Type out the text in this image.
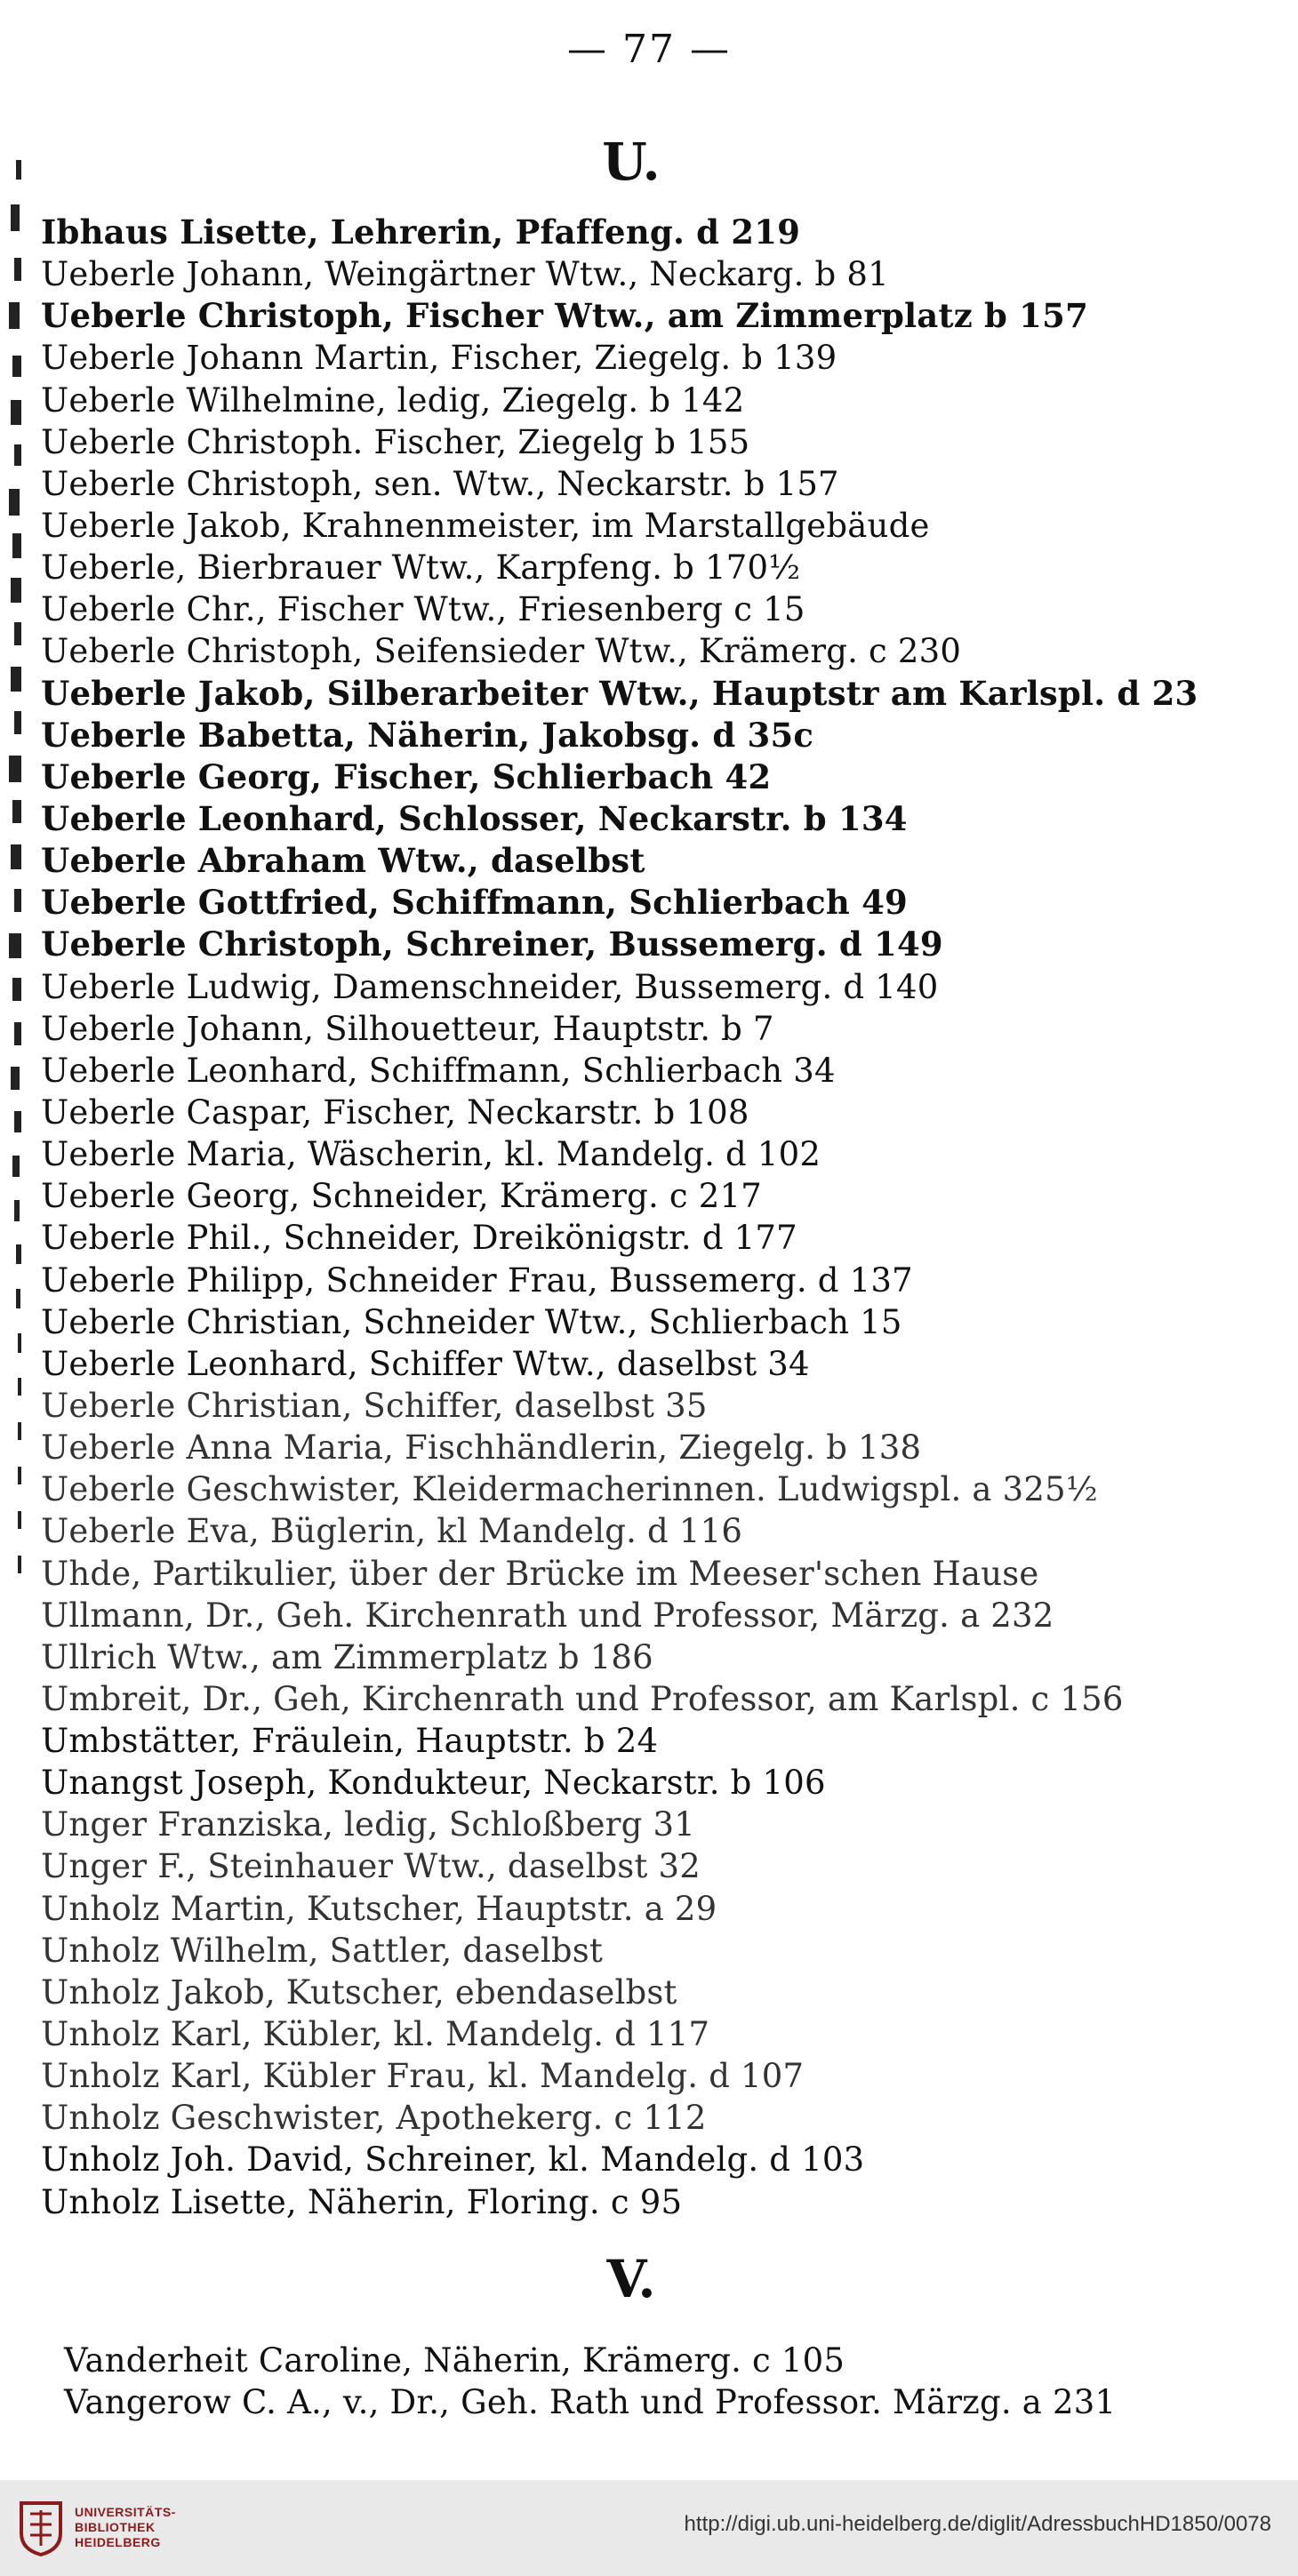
— 77 —
U.
Ibhaus Lisette, Lehrerin, Pfaffeng. d 219
Ueberle Johann, Weingärtner Wtw., Neckarg. b 81
Ueberle Christoph, Fischer Wtw., am Zimmerplatz b 157
Ueberle Johann Martin, Fischer, Ziegelg. b 139
Ueberle Wilhelmine, ledig, Ziegelg. b 142
Ueberle Christoph. Fischer, Ziegelg b 155
Ueberle Christoph, sen. Wtw., Neckarstr. b 157
Ueberle Jakob, Krahnenmeister, im Marstallgebäude
Ueberle, Bierbrauer Wtw., Karpfeng. b 170½
Ueberle Chr., Fischer Wtw., Friesenberg c 15
Ueberle Christoph, Seifensieder Wtw., Krämerg. c 230
Ueberle Jakob, Silberarbeiter Wtw., Hauptstr am Karlspl. d 23
Ueberle Babetta, Näherin, Jakobsg. d 35c
Ueberle Georg, Fischer, Schlierbach 42
Ueberle Leonhard, Schlosser, Neckarstr. b 134
Ueberle Abraham Wtw., daselbst
Ueberle Gottfried, Schiffmann, Schlierbach 49
Ueberle Christoph, Schreiner, Bussemerg. d 149
Ueberle Ludwig, Damenschneider, Bussemerg. d 140
Ueberle Johann, Silhouetteur, Hauptstr. b 7
Ueberle Leonhard, Schiffmann, Schlierbach 34
Ueberle Caspar, Fischer, Neckarstr. b 108
Ueberle Maria, Wäscherin, kl. Mandelg. d 102
Ueberle Georg, Schneider, Krämerg. c 217
Ueberle Phil., Schneider, Dreikönigstr. d 177
Ueberle Philipp, Schneider Frau, Bussemerg. d 137
Ueberle Christian, Schneider Wtw., Schlierbach 15
Ueberle Leonhard, Schiffer Wtw., daselbst 34
Ueberle Christian, Schiffer, daselbst 35
Ueberle Anna Maria, Fischhändlerin, Ziegelg. b 138
Ueberle Geschwister, Kleidermacherinnen. Ludwigspl. a 325½
Ueberle Eva, Büglerin, kl Mandelg. d 116
Uhde, Partikulier, über der Brücke im Meeser'schen Hause
Ullmann, Dr., Geh. Kirchenrath und Professor, Märzg. a 232
Ullrich Wtw., am Zimmerplatz b 186
Umbreit, Dr., Geh, Kirchenrath und Professor, am Karlspl. c 156
Umbstätter, Fräulein, Hauptstr. b 24
Unangst Joseph, Kondukteur, Neckarstr. b 106
Unger Franziska, ledig, Schloßberg 31
Unger F., Steinhauer Wtw., daselbst 32
Unholz Martin, Kutscher, Hauptstr. a 29
Unholz Wilhelm, Sattler, daselbst
Unholz Jakob, Kutscher, ebendaselbst
Unholz Karl, Kübler, kl. Mandelg. d 117
Unholz Karl, Kübler Frau, kl. Mandelg. d 107
Unholz Geschwister, Apothekerg. c 112
Unholz Joh. David, Schreiner, kl. Mandelg. d 103
Unholz Lisette, Näherin, Floring. c 95
V.
Vanderheit Caroline, Näherin, Krämerg. c 105
Vangerow C. A., v., Dr., Geh. Rath und Professor. Märzg. a 231
UNIVERSITÄTS-
BIBLIOTHEK
HEIDELBERG
http://digi.ub.uni-heidelberg.de/diglit/AdressbuchHD1850/0078
